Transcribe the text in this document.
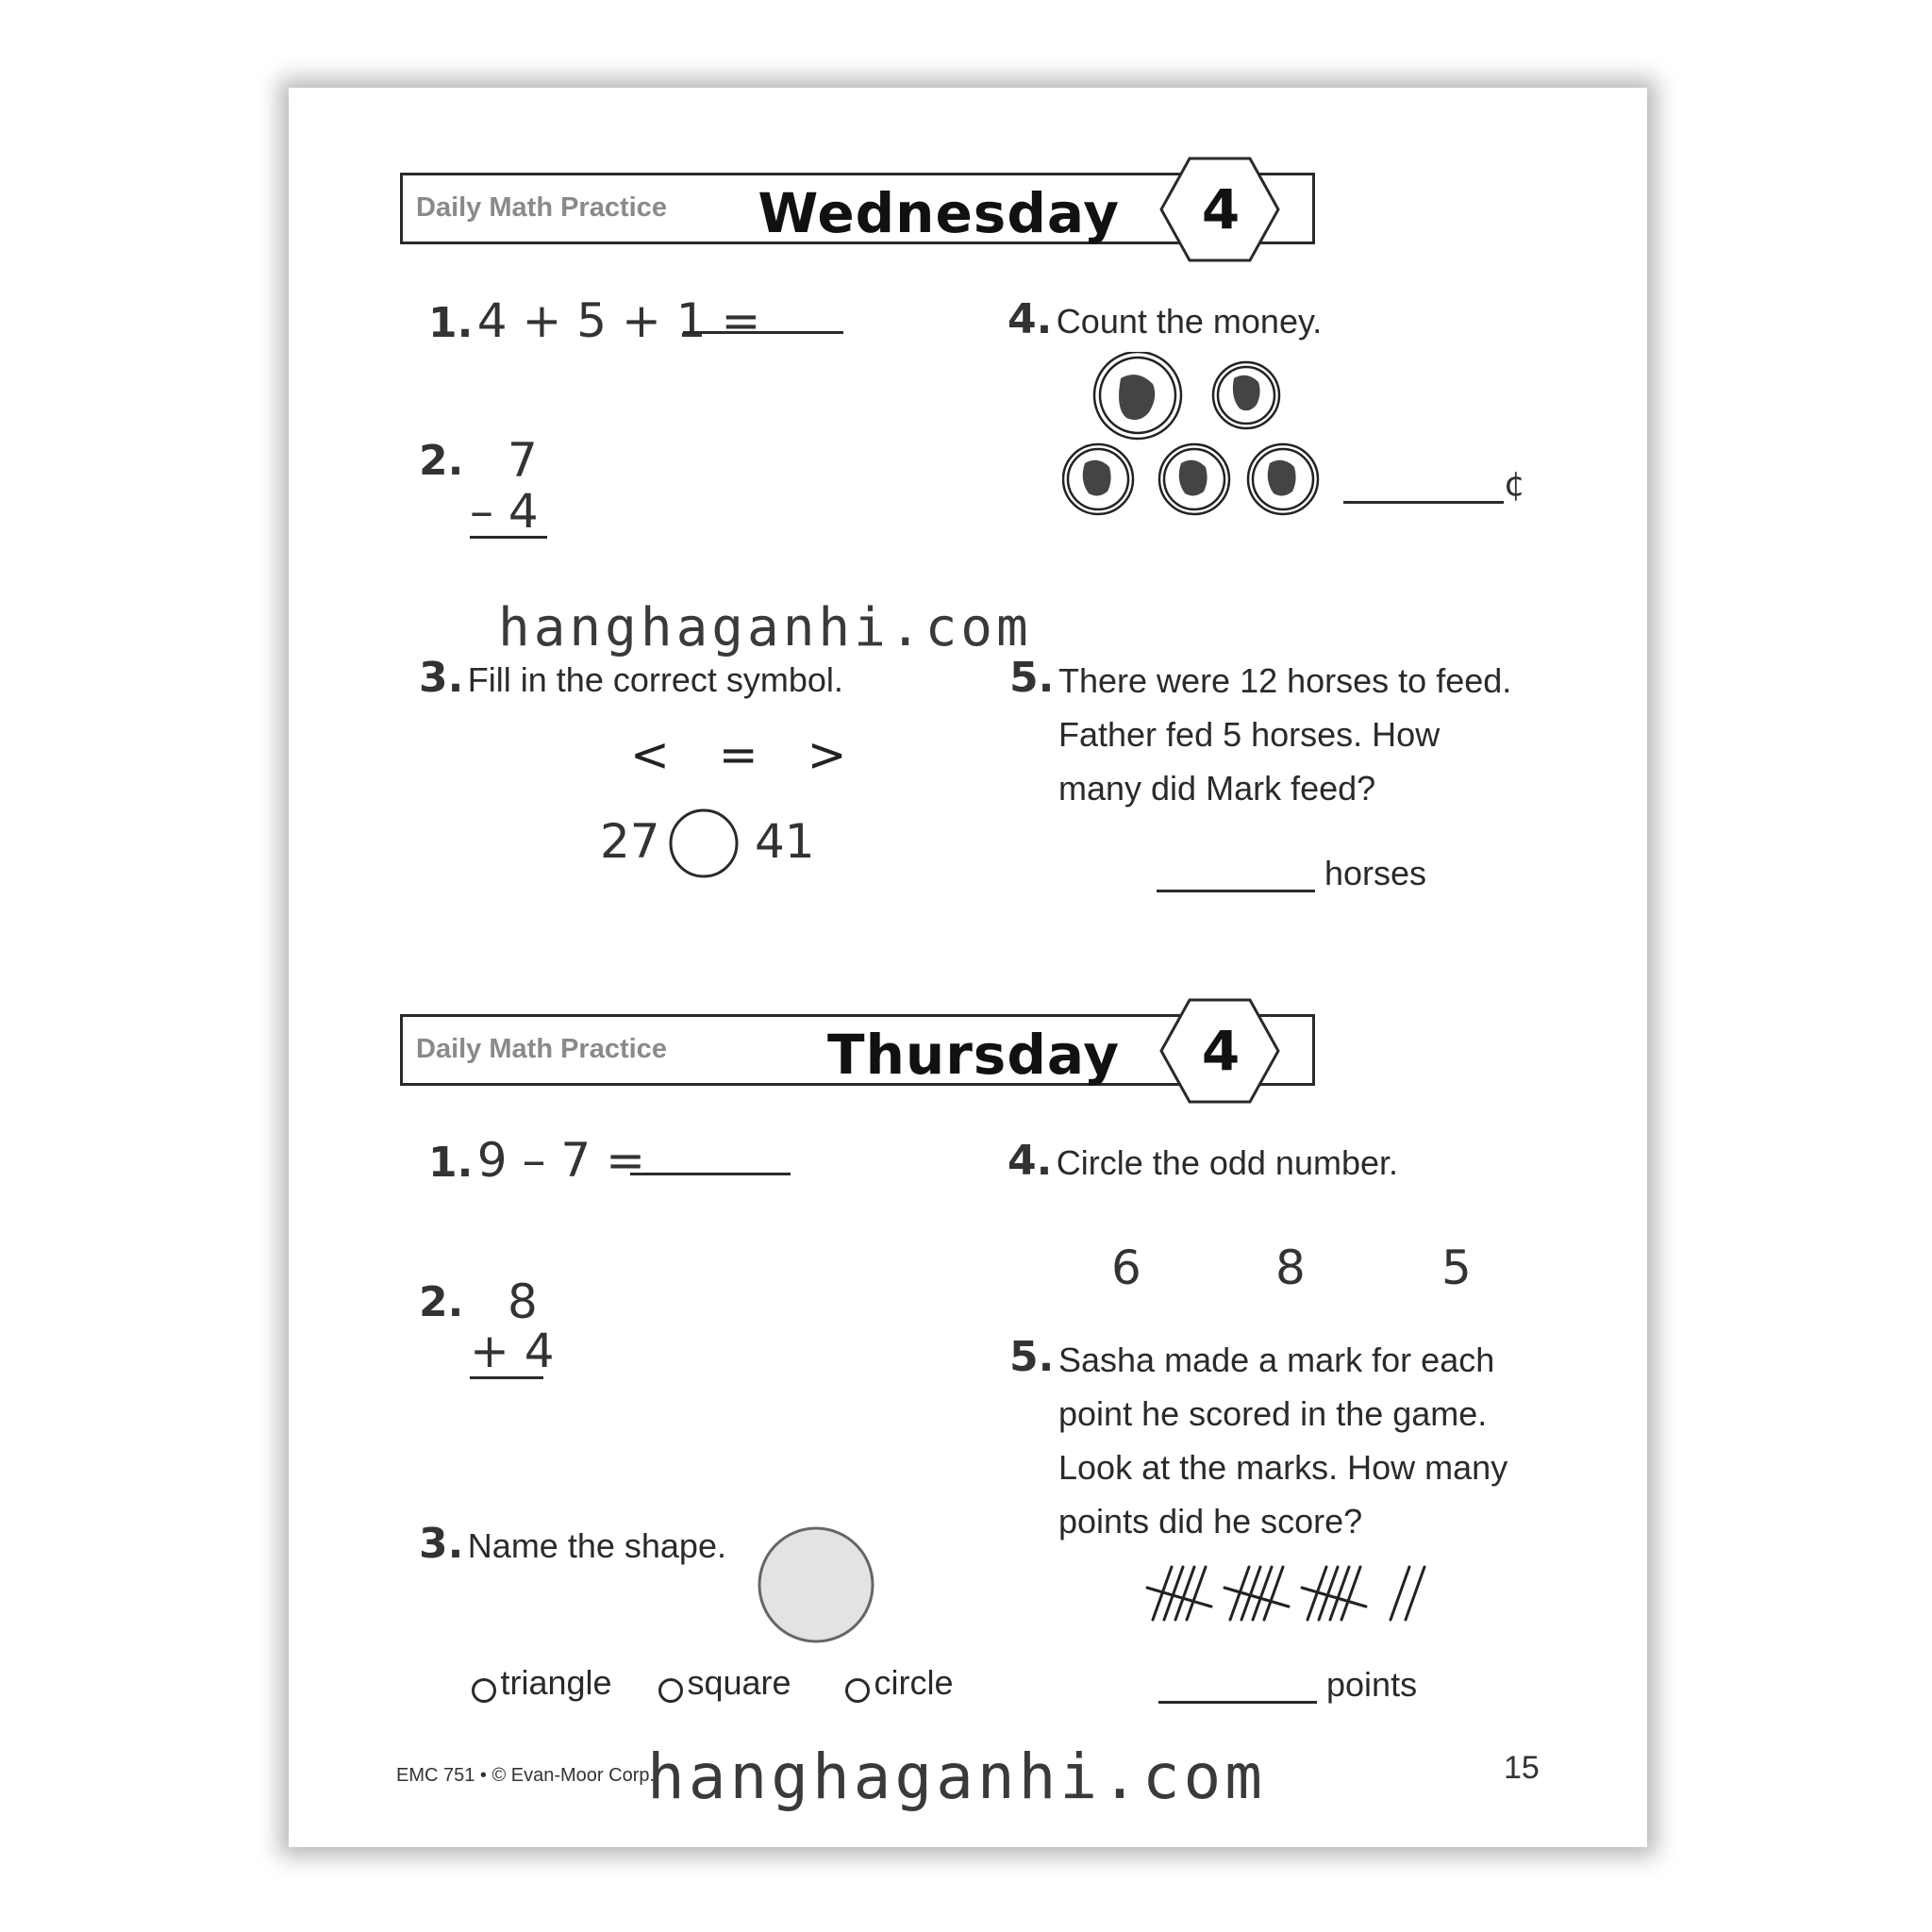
Daily Math Practice Wednesday 4
1. 4 + 5 + 1 =
2. 7
– 4
3. Fill in the correct symbol.
< = >
27 41
4. Count the money.
¢
5. There were 12 horses to feed.
Father fed 5 horses. How
many did Mark feed?
horses
hanghaganhi.com
Daily Math Practice	Thursday 4
1. 9 – 7 =
2. 8
+ 4
3. Name the shape.
triangle	square	circle
4. Circle the odd number.
6	8	5
5. Sasha made a mark for each
point he scored in the game.
Look at the marks. How many
points did he score?
points
EMC 751 • © Evan-Moor Corp.	15
hanghaganhi.com
